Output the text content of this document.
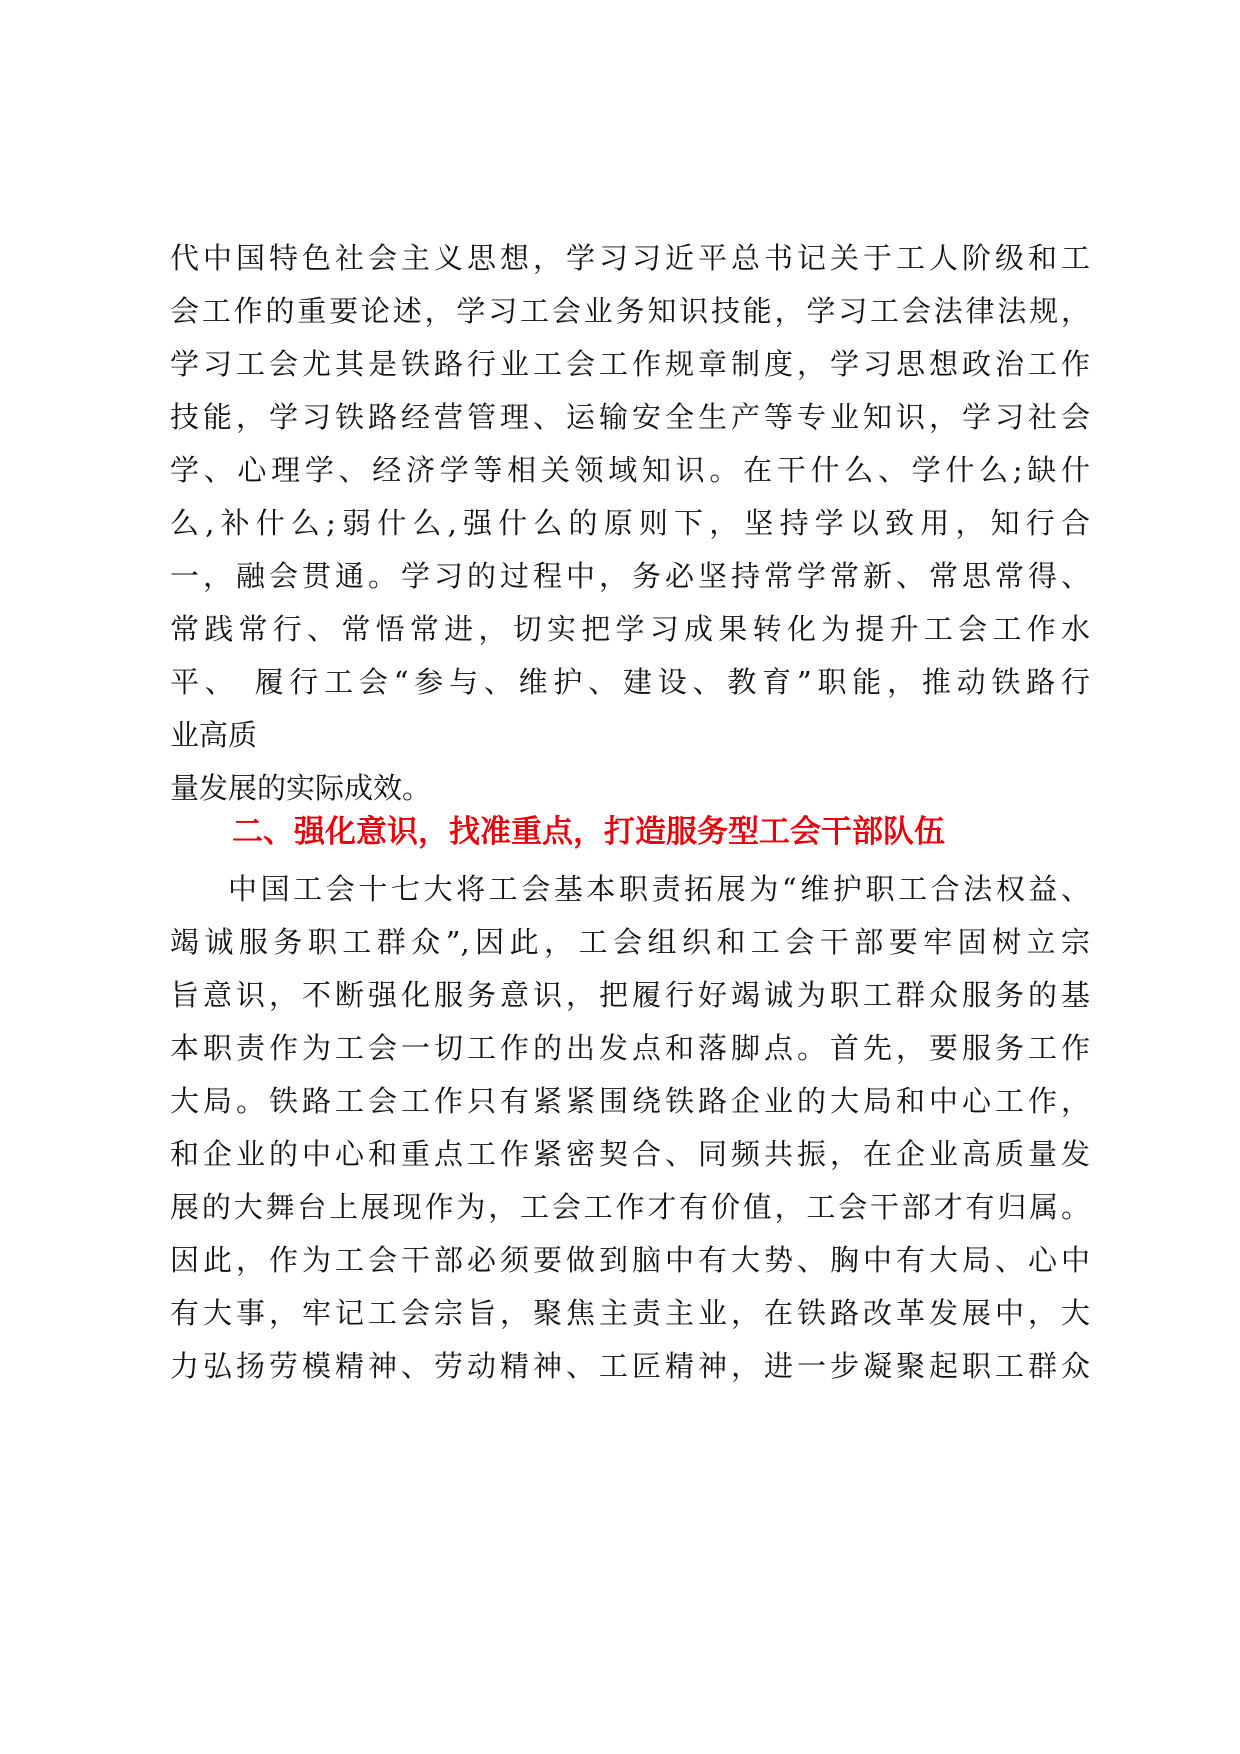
代中国特色社会主义思想，学习习近平总书记关于工人阶级和工
会工作的重要论述，学习工会业务知识技能，学习工会法律法规，
学习工会尤其是铁路行业工会工作规章制度，学习思想政治工作
技能，学习铁路经营管理、运输安全生产等专业知识，学习社会
学、心理学、经济学等相关领域知识。在干什么、学什么;缺什
么,补什么;弱什么,强什么的原则下，坚持学以致用，知行合
一，融会贯通。学习的过程中，务必坚持常学常新、常思常得、
常践常行、常悟常进，切实把学习成果转化为提升工会工作水
平、 履行工会“参与、维护、建设、教育”职能，推动铁路行
业高质
量发展的实际成效。
二、强化意识，找准重点，打造服务型工会干部队伍
中国工会十七大将工会基本职责拓展为“维护职工合法权益、
竭诚服务职工群众”,因此，工会组织和工会干部要牢固树立宗
旨意识，不断强化服务意识，把履行好竭诚为职工群众服务的基
本职责作为工会一切工作的出发点和落脚点。首先，要服务工作
大局。铁路工会工作只有紧紧围绕铁路企业的大局和中心工作，
和企业的中心和重点工作紧密契合、同频共振，在企业高质量发
展的大舞台上展现作为，工会工作才有价值，工会干部才有归属。
因此，作为工会干部必须要做到脑中有大势、胸中有大局、心中
有大事，牢记工会宗旨，聚焦主责主业，在铁路改革发展中，大
力弘扬劳模精神、劳动精神、工匠精神，进一步凝聚起职工群众
